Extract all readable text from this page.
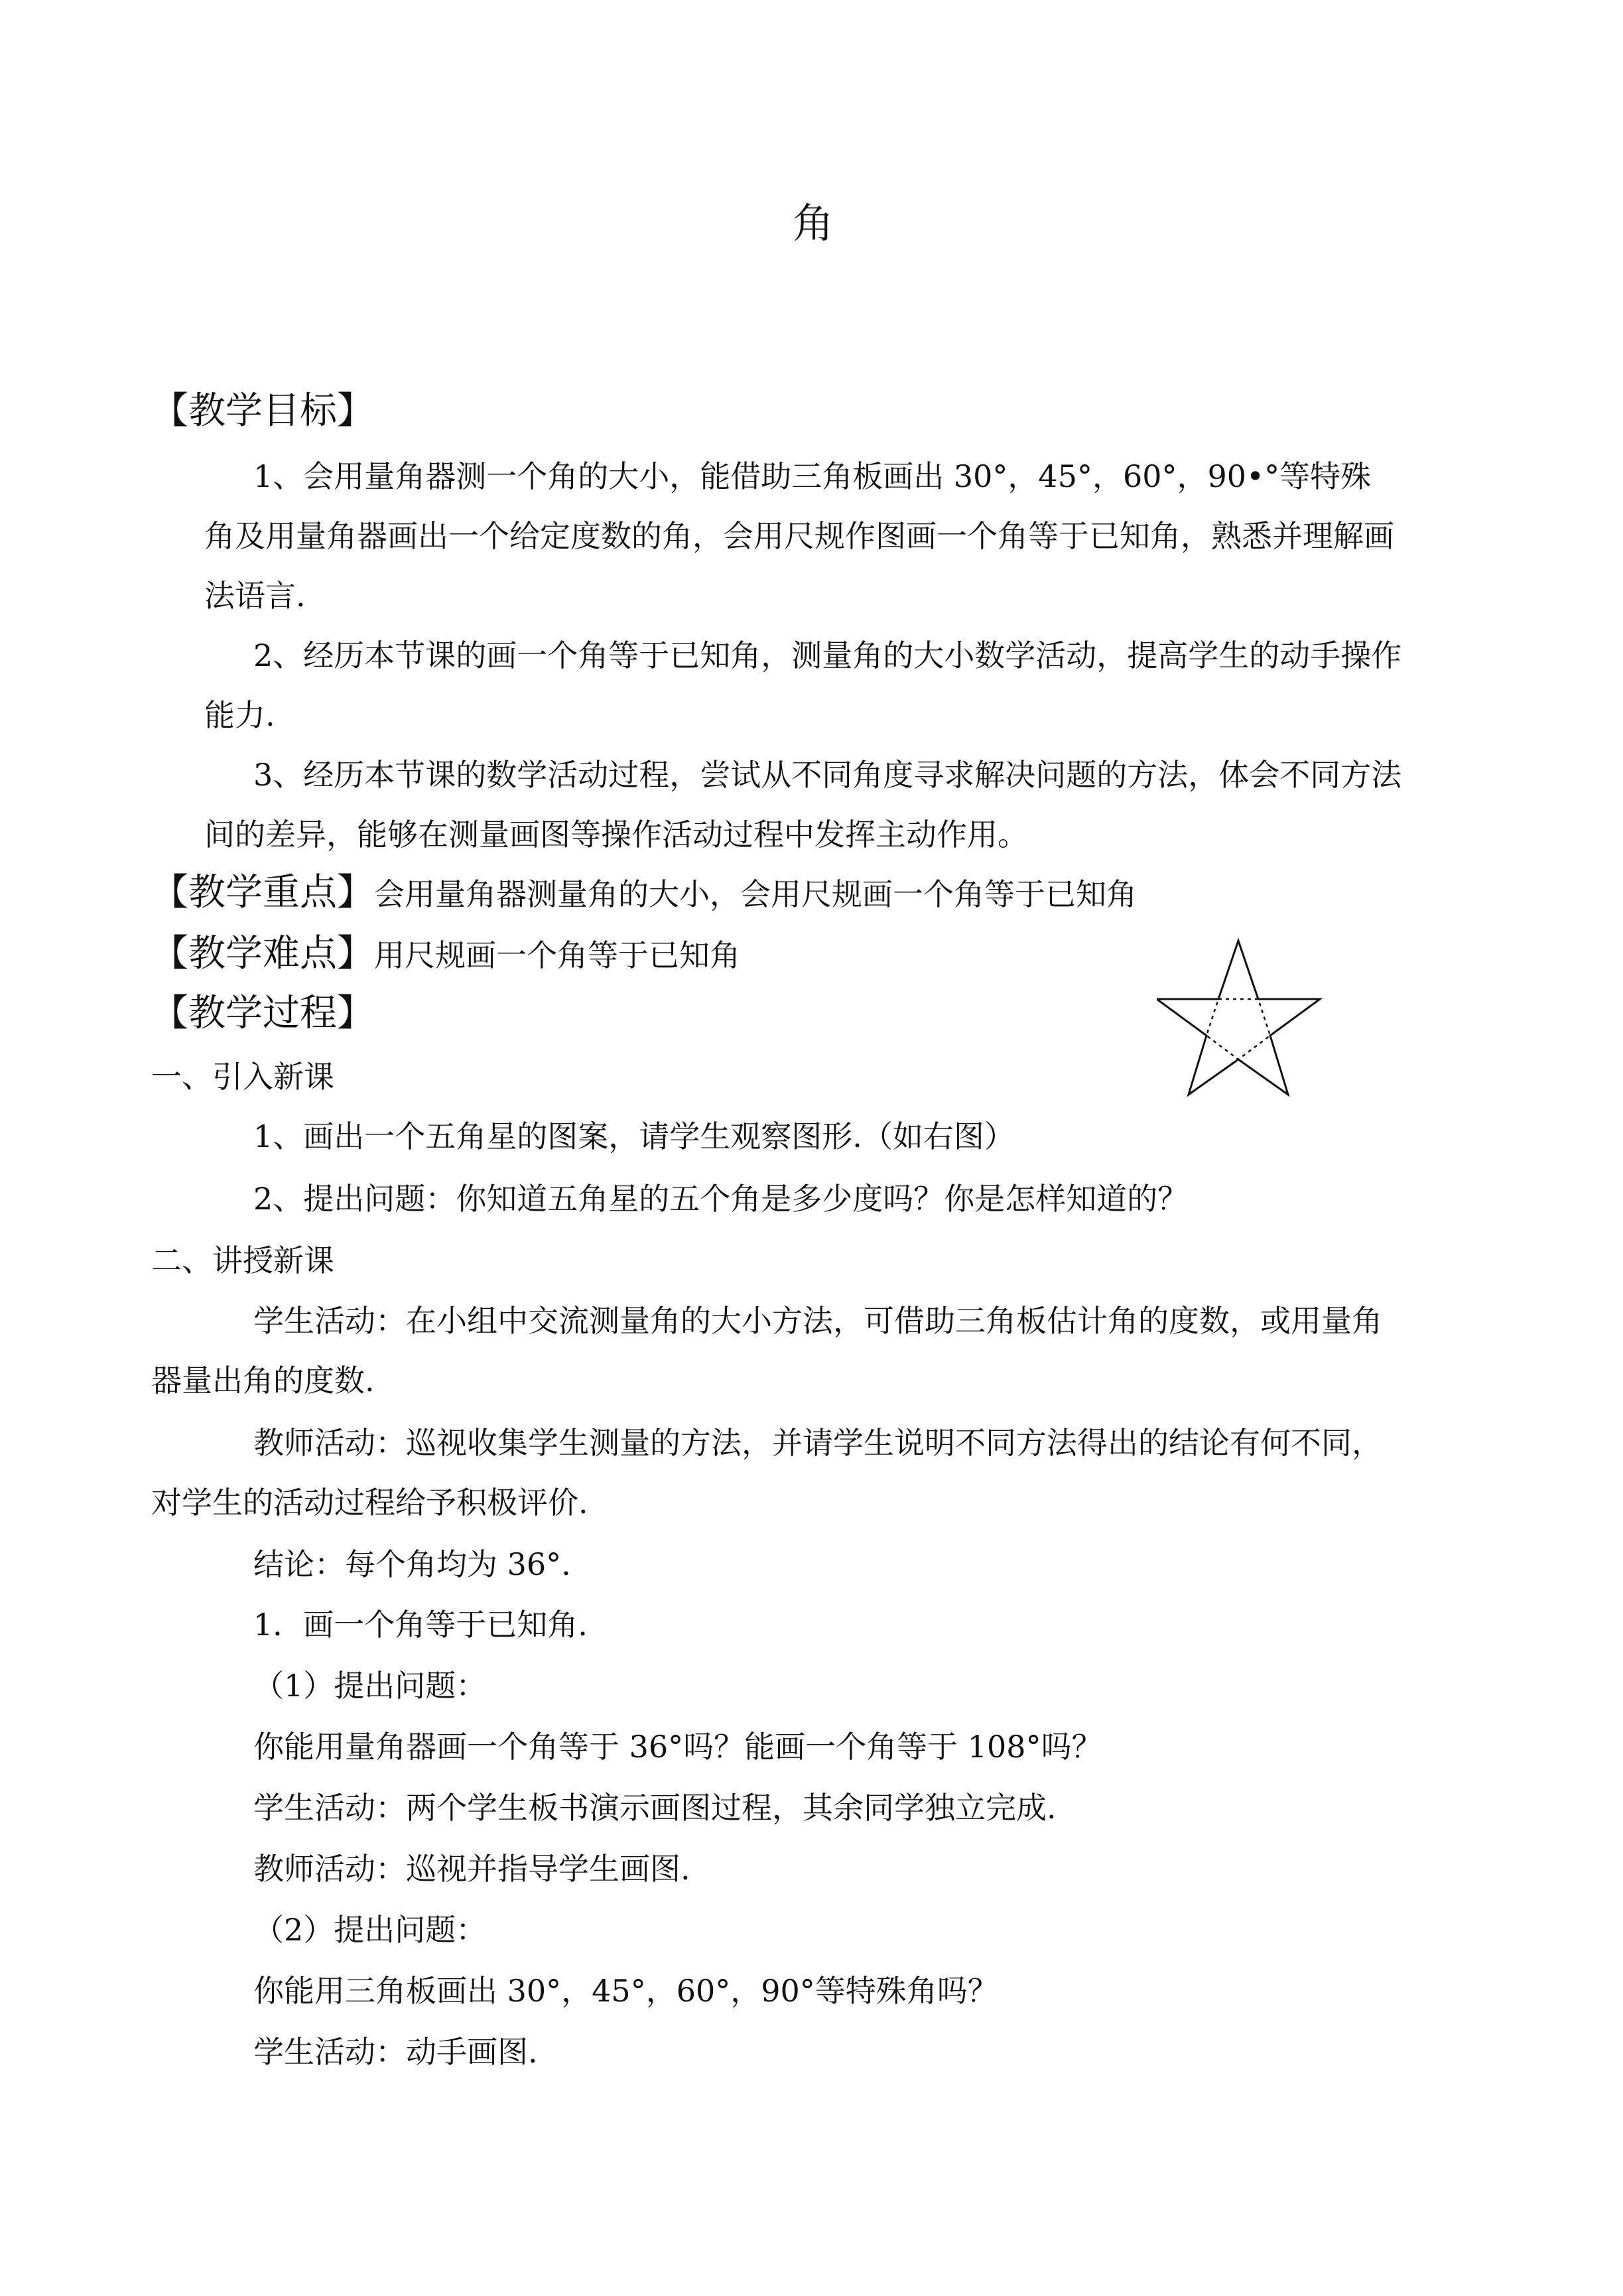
角
【教学目标】
1、会用量角器测一个角的大小，能借助三角板画出 30°，45°，60°，90•°等特殊
角及用量角器画出一个给定度数的角，会用尺规作图画一个角等于已知角，熟悉并理解画
法语言.
2、经历本节课的画一个角等于已知角，测量角的大小数学活动，提高学生的动手操作
能力.
3、经历本节课的数学活动过程，尝试从不同角度寻求解决问题的方法，体会不同方法
间的差异，能够在测量画图等操作活动过程中发挥主动作用。
【教学重点】会用量角器测量角的大小，会用尺规画一个角等于已知角
【教学难点】用尺规画一个角等于已知角
【教学过程】
一、引入新课
1、画出一个五角星的图案，请学生观察图形.（如右图）
2、提出问题：你知道五角星的五个角是多少度吗？你是怎样知道的？
二、讲授新课
学生活动：在小组中交流测量角的大小方法，可借助三角板估计角的度数，或用量角
器量出角的度数.
教师活动：巡视收集学生测量的方法，并请学生说明不同方法得出的结论有何不同，
对学生的活动过程给予积极评价.
结论：每个角均为 36°.
1．画一个角等于已知角.
（1）提出问题：
你能用量角器画一个角等于 36°吗？能画一个角等于 108°吗？
学生活动：两个学生板书演示画图过程，其余同学独立完成.
教师活动：巡视并指导学生画图.
（2）提出问题：
你能用三角板画出 30°，45°，60°，90°等特殊角吗？
学生活动：动手画图.
